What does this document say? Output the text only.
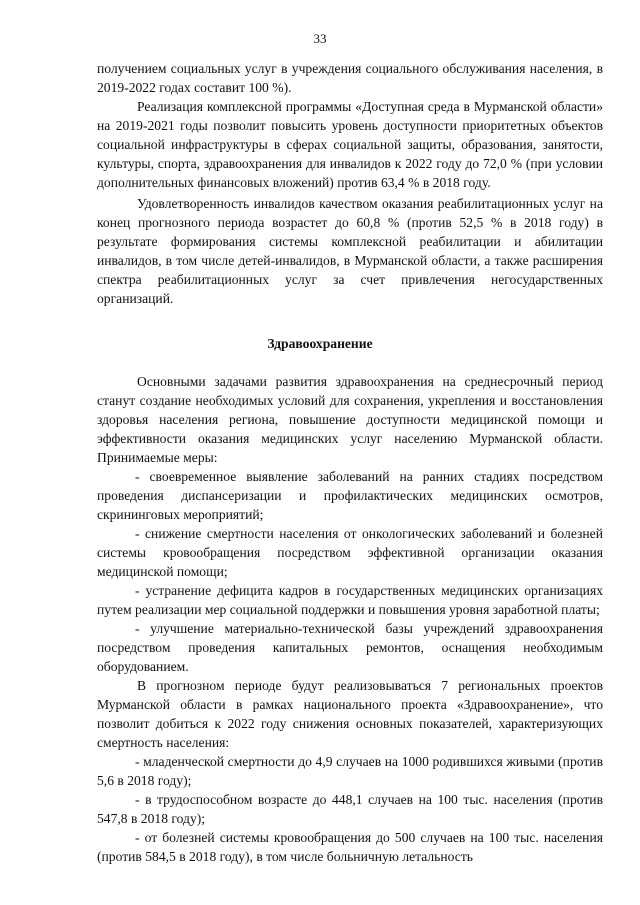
33

получением социальных услуг в учреждения социального обслуживания населения, в 2019-2022 годах составит 100 %).

Реализация комплексной программы «Доступная среда в Мурманской области» на 2019-2021 годы позволит повысить уровень доступности приоритетных объектов социальной инфраструктуры в сферах социальной защиты, образования, занятости, культуры, спорта, здравоохранения для инвалидов к 2022 году до 72,0 % (при условии дополнительных финансовых вложений) против 63,4 % в 2018 году.

Удовлетворенность инвалидов качеством оказания реабилитационных услуг на конец прогнозного периода возрастет до 60,8 % (против 52,5 % в 2018 году) в результате формирования системы комплексной реабилитации и абилитации инвалидов, в том числе детей-инвалидов, в Мурманской области, а также расширения спектра реабилитационных услуг за счет привлечения негосударственных организаций.

Здравоохранение

Основными задачами развития здравоохранения на среднесрочный период станут создание необходимых условий для сохранения, укрепления и восстановления здоровья населения региона, повышение доступности медицинской помощи и эффективности оказания медицинских услуг населению Мурманской области. Принимаемые меры:

- своевременное выявление заболеваний на ранних стадиях посредством проведения диспансеризации и профилактических медицинских осмотров, скрининговых мероприятий;

- снижение смертности населения от онкологических заболеваний и болезней системы кровообращения посредством эффективной организации оказания медицинской помощи;

- устранение дефицита кадров в государственных медицинских организациях путем реализации мер социальной поддержки и повышения уровня заработной платы;

- улучшение материально-технической базы учреждений здравоохранения посредством проведения капитальных ремонтов, оснащения необходимым оборудованием.

В прогнозном периоде будут реализовываться 7 региональных проектов Мурманской области в рамках национального проекта «Здравоохранение», что позволит добиться к 2022 году снижения основных показателей, характеризующих смертность населения:

- младенческой смертности до 4,9 случаев на 1000 родившихся живыми (против 5,6 в 2018 году);

- в трудоспособном возрасте до 448,1 случаев на 100 тыс. населения (против 547,8 в 2018 году);

- от болезней системы кровообращения до 500 случаев на 100 тыс. населения (против 584,5 в 2018 году), в том числе больничную летальность
